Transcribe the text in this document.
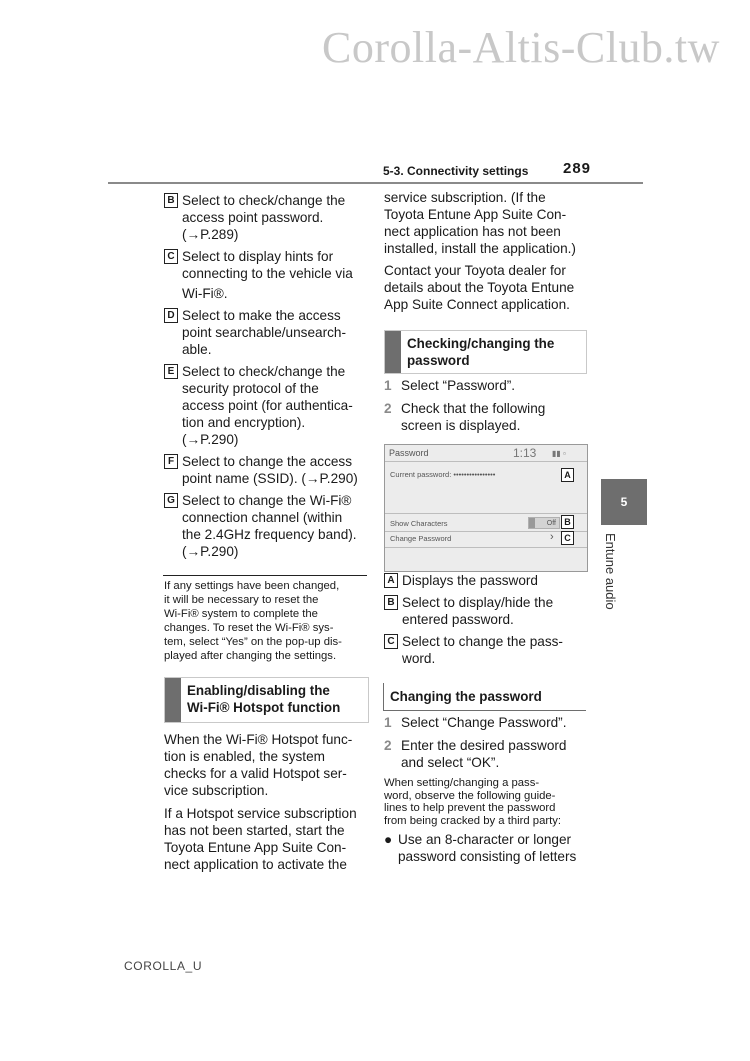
Corolla-Altis-Club.tw
5-3. Connectivity settings 289
B Select to check/change the
access point password.
(→P.289)
C Select to display hints for
connecting to the vehicle via
Wi-Fi®.
D Select to make the access
point searchable/unsearch-
able.
E Select to check/change the
security protocol of the
access point (for authentica-
tion and encryption).
(→P.290)
F Select to change the access
point name (SSID). (→P.290)
G Select to change the Wi-Fi®
connection channel (within
the 2.4GHz frequency band).
(→P.290)
If any settings have been changed,
it will be necessary to reset the
Wi-Fi® system to complete the
changes. To reset the Wi-Fi® sys-
tem, select “Yes” on the pop-up dis-
played after changing the settings.
Enabling/disabling the
Wi-Fi® Hotspot function
When the Wi-Fi® Hotspot func-
tion is enabled, the system
checks for a valid Hotspot ser-
vice subscription.
If a Hotspot service subscription
has not been started, start the
Toyota Entune App Suite Con-
nect application to activate the
service subscription. (If the
Toyota Entune App Suite Con-
nect application has not been
installed, install the application.)
Contact your Toyota dealer for
details about the Toyota Entune
App Suite Connect application.
Checking/changing the
password
1 Select “Password”.
2 Check that the following
screen is displayed.
Password	1:13 ▮▮ ▫
Current password: ••••••••••••••••	A
Show Characters	Off B
Change Password	›	C
A Displays the password
B Select to display/hide the
entered password.
C Select to change the pass-
word.
Changing the password
1 Select “Change Password”.
2 Enter the desired password
and select “OK”.
When setting/changing a pass-
word, observe the following guide-
lines to help prevent the password
from being cracked by a third party:
● Use an 8-character or longer
password consisting of letters
5
Entune audio
COROLLA_U
